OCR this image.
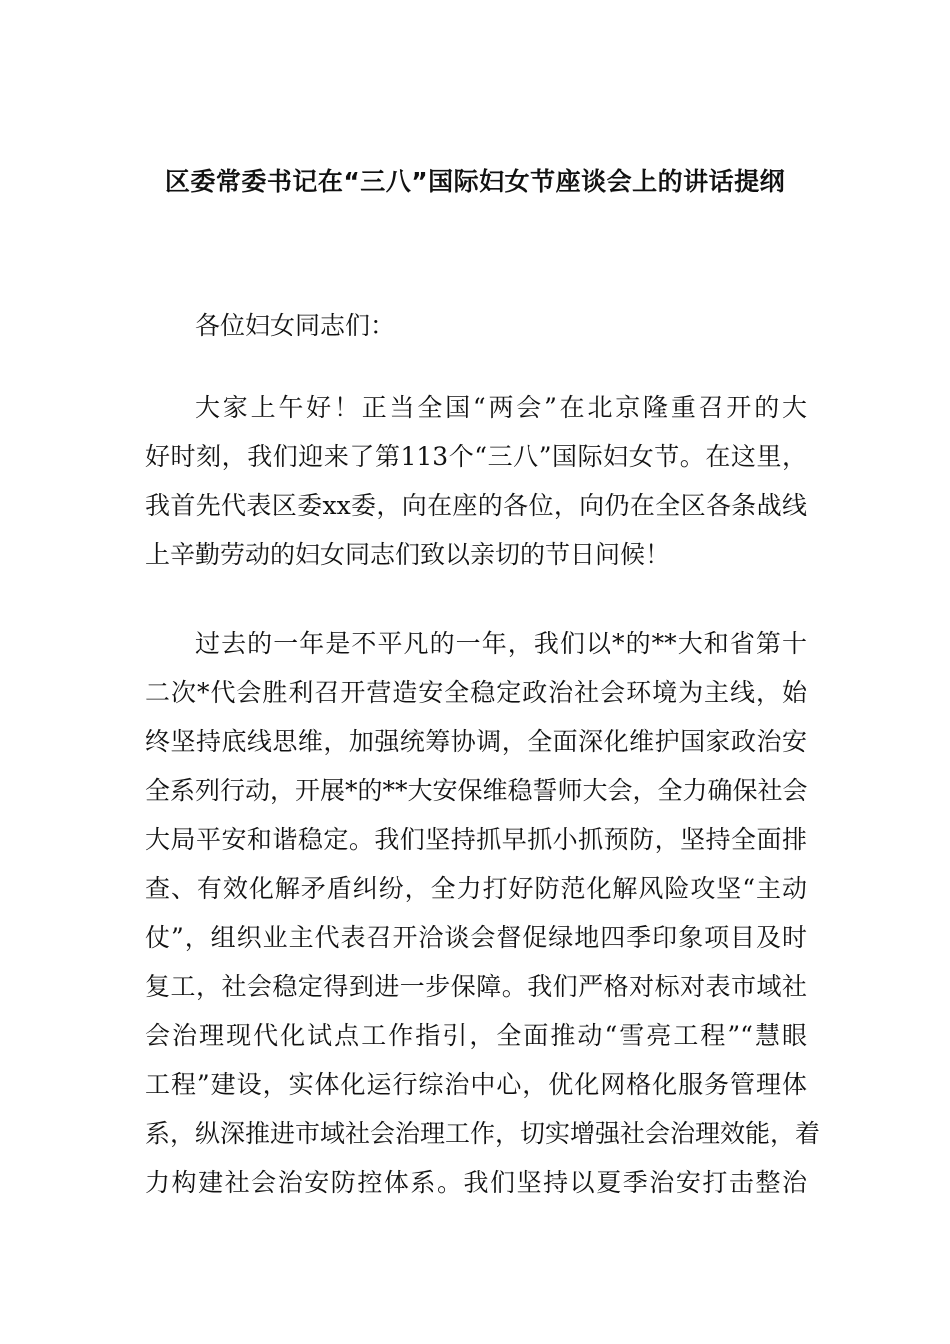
区委常委书记在“三八”国际妇女节座谈会上的讲话提纲

各位妇女同志们：

大家上午好！正当全国“两会”在北京隆重召开的大

好时刻，我们迎来了第113个“三八”国际妇女节。在这里，

我首先代表区委xx委，向在座的各位，向仍在全区各条战线

上辛勤劳动的妇女同志们致以亲切的节日问候！

过去的一年是不平凡的一年，我们以*的**大和省第十

二次*代会胜利召开营造安全稳定政治社会环境为主线，始

终坚持底线思维，加强统筹协调，全面深化维护国家政治安

全系列行动，开展*的**大安保维稳誓师大会，全力确保社会

大局平安和谐稳定。我们坚持抓早抓小抓预防，坚持全面排

查、有效化解矛盾纠纷，全力打好防范化解风险攻坚“主动

仗”，组织业主代表召开洽谈会督促绿地四季印象项目及时

复工，社会稳定得到进一步保障。我们严格对标对表市域社

会治理现代化试点工作指引，全面推动“雪亮工程”“慧眼

工程”建设，实体化运行综治中心，优化网格化服务管理体

系，纵深推进市域社会治理工作，切实增强社会治理效能，着

力构建社会治安防控体系。我们坚持以夏季治安打击整治
